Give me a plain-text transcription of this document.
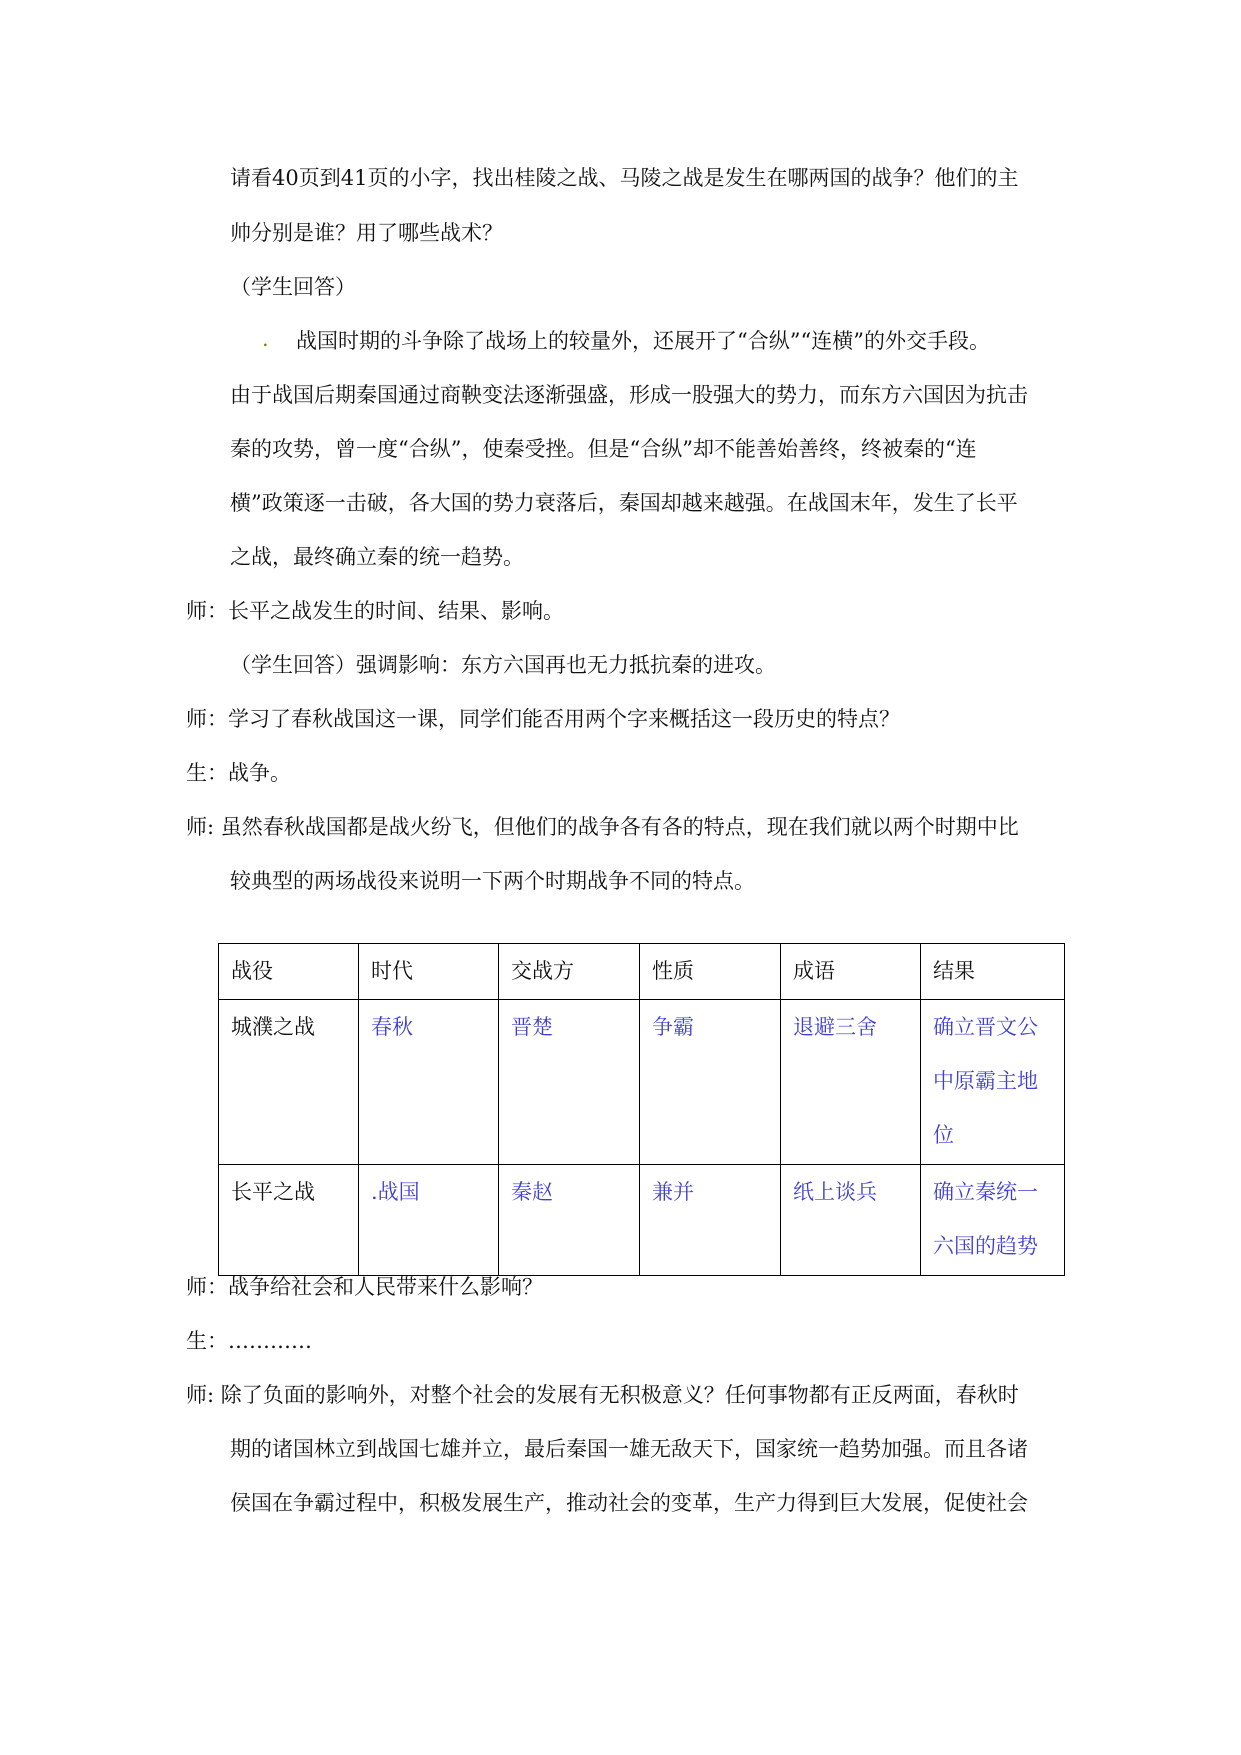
请看40页到41页的小字，找出桂陵之战、马陵之战是发生在哪两国的战争？他们的主
帅分别是谁？用了哪些战术？
（学生回答）
. 战国时期的斗争除了战场上的较量外，还展开了“合纵”“连横”的外交手段。
由于战国后期秦国通过商鞅变法逐渐强盛，形成一股强大的势力，而东方六国因为抗击
秦的攻势，曾一度“合纵”，使秦受挫。但是“合纵”却不能善始善终，终被秦的“连
横”政策逐一击破，各大国的势力衰落后，秦国却越来越强。在战国末年，发生了长平
之战，最终确立秦的统一趋势。
师：长平之战发生的时间、结果、影响。
（学生回答）强调影响：东方六国再也无力抵抗秦的进攻。
师：学习了春秋战国这一课，同学们能否用两个字来概括这一段历史的特点？
生：战争。
师: 虽然春秋战国都是战火纷飞，但他们的战争各有各的特点，现在我们就以两个时期中比
较典型的两场战役来说明一下两个时期战争不同的特点。
战役	时代	交战方	性质	成语	结果

城濮之战	春秋	晋楚	争霸	退避三舍	确立晋文公
中原霸主地
位

长平之战	.战国	秦赵	兼并	纸上谈兵	确立秦统一
六国的趋势
师：战争给社会和人民带来什么影响？
生：…………
师: 除了负面的影响外，对整个社会的发展有无积极意义？任何事物都有正反两面，春秋时
期的诸国林立到战国七雄并立，最后秦国一雄无敌天下，国家统一趋势加强。而且各诸
侯国在争霸过程中，积极发展生产，推动社会的变革，生产力得到巨大发展，促使社会
